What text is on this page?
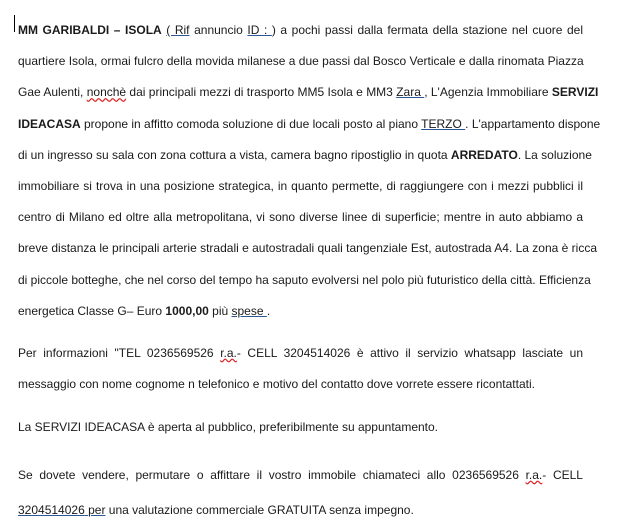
MM GARIBALDI – ISOLA ( Rif annuncio ID : ) a pochi passi dalla fermata della stazione nel cuore del
quartiere Isola, ormai fulcro della movida milanese a due passi dal Bosco Verticale e dalla rinomata Piazza
Gae Aulenti, nonchè dai principali mezzi di trasporto MM5 Isola e MM3 Zara , L'Agenzia Immobiliare SERVIZI
IDEACASA propone in affitto comoda soluzione di due locali posto al piano TERZO . L'appartamento dispone
di un ingresso su sala con zona cottura a vista, camera bagno ripostiglio in quota ARREDATO. La soluzione
immobiliare si trova in una posizione strategica, in quanto permette, di raggiungere con i mezzi pubblici il
centro di Milano ed oltre alla metropolitana, vi sono diverse linee di superficie; mentre in auto abbiamo a
breve distanza le principali arterie stradali e autostradali quali tangenziale Est, autostrada A4. La zona è ricca
di piccole botteghe, che nel corso del tempo ha saputo evolversi nel polo più futuristico della città. Efficienza
energetica Classe G– Euro 1000,00 più spese .

Per informazioni "TEL 0236569526 r.a.- CELL 3204514026 è attivo il servizio whatsapp lasciate un
messaggio con nome cognome n telefonico e motivo del contatto dove vorrete essere ricontattati.

La SERVIZI IDEACASA è aperta al pubblico, preferibilmente su appuntamento.

Se dovete vendere, permutare o affittare il vostro immobile chiamateci allo 0236569526 r.a.- CELL
3204514026 per una valutazione commerciale GRATUITA senza impegno.
